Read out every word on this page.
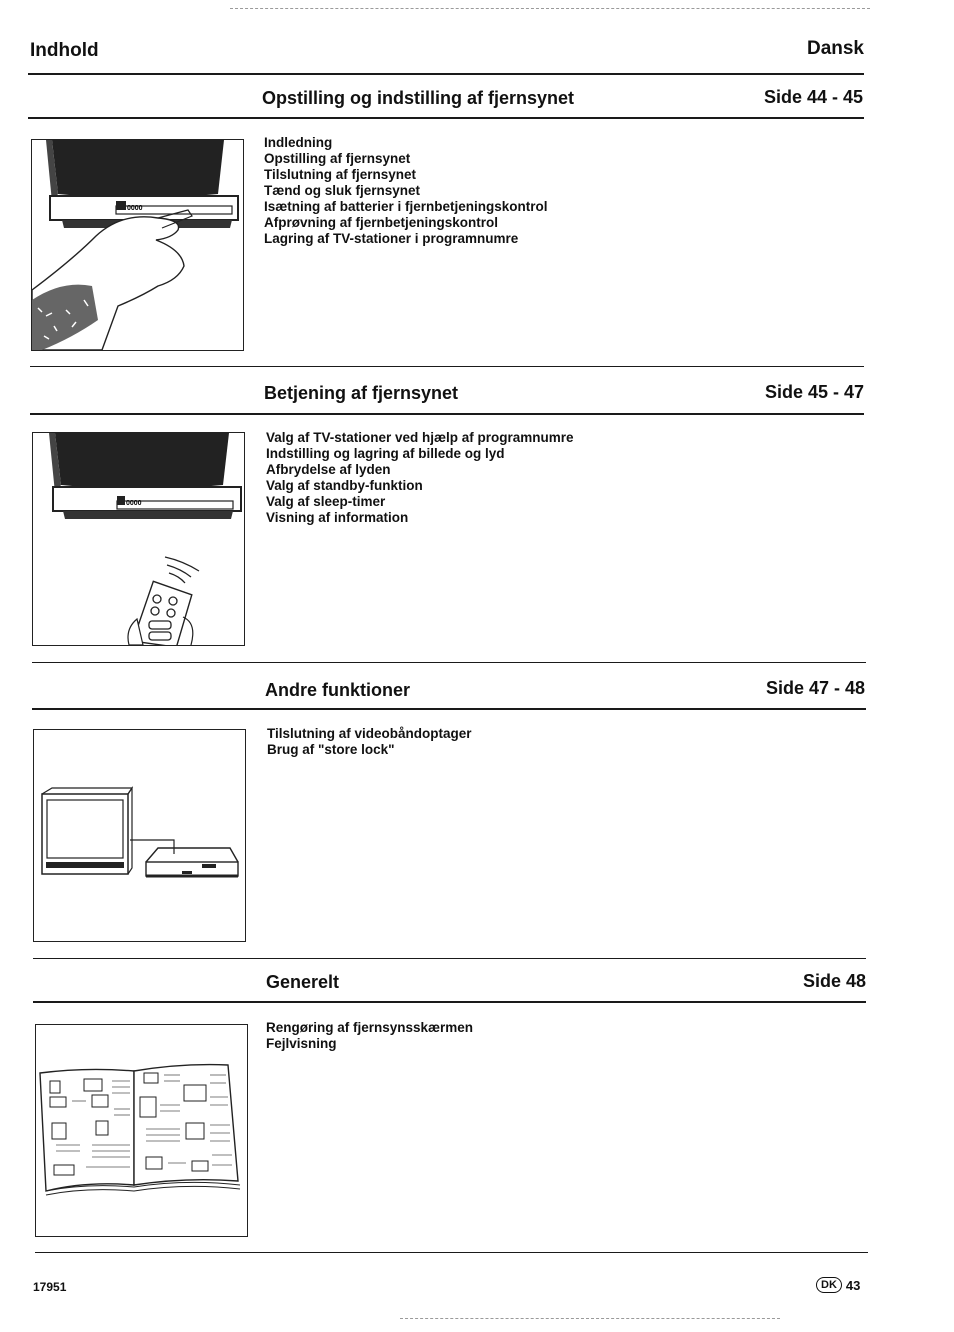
Indhold	Dansk
Opstilling og indstilling af fjernsynet	Side 44 - 45
0000
Indledning
Opstilling af fjernsynet
Tilslutning af fjernsynet
Tænd og sluk fjernsynet
Isætning af batterier i fjernbetjeningskontrol
Afprøvning af fjernbetjeningskontrol
Lagring af TV-stationer i programnumre
Betjening af fjernsynet	Side 45 - 47
0000
Valg af TV-stationer ved hjælp af programnumre
Indstilling og lagring af billede og lyd
Afbrydelse af lyden
Valg af standby-funktion
Valg af sleep-timer
Visning af information
Andre funktioner	Side 47 - 48
Tilslutning af videobåndoptager
Brug af "store lock"
Generelt	Side 48
Rengøring af fjernsynsskærmen
Fejlvisning
17951	DK 43
